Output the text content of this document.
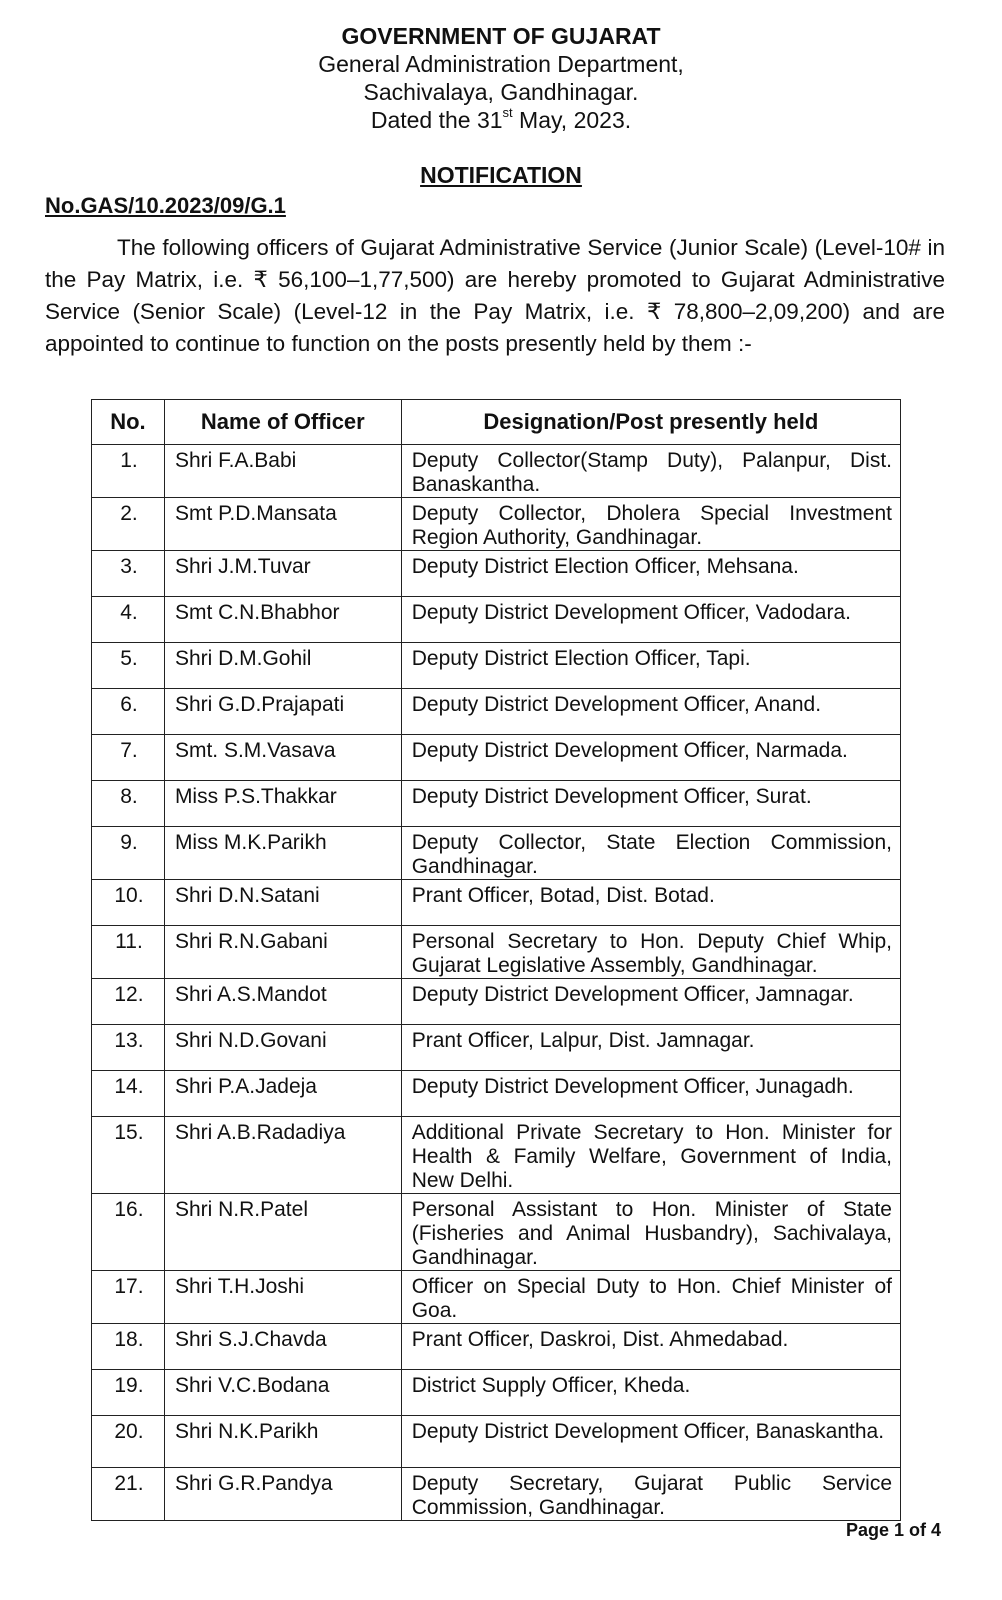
GOVERNMENT OF GUJARAT
General Administration Department,
Sachivalaya, Gandhinagar.
Dated the 31st May, 2023.
NOTIFICATION
No.GAS/10.2023/09/G.1
The following officers of Gujarat Administrative Service (Junior Scale) (Level-10# in the Pay Matrix, i.e. ₹ 56,100–1,77,500) are hereby promoted to Gujarat Administrative Service (Senior Scale) (Level-12 in the Pay Matrix, i.e. ₹ 78,800–2,09,200) and are appointed to continue to function on the posts presently held by them :-
No.	Name of Officer	Designation/Post presently held
1.	Shri F.A.Babi	Deputy Collector(Stamp Duty), Palanpur, Dist. Banaskantha.
2.	Smt P.D.Mansata	Deputy Collector, Dholera Special Investment Region Authority, Gandhinagar.
3.	Shri J.M.Tuvar	Deputy District Election Officer, Mehsana.
4.	Smt C.N.Bhabhor	Deputy District Development Officer, Vadodara.
5.	Shri D.M.Gohil	Deputy District Election Officer, Tapi.
6.	Shri G.D.Prajapati	Deputy District Development Officer, Anand.
7.	Smt. S.M.Vasava	Deputy District Development Officer, Narmada.
8.	Miss P.S.Thakkar	Deputy District Development Officer, Surat.
9.	Miss M.K.Parikh	Deputy Collector, State Election Commission, Gandhinagar.
10.	Shri D.N.Satani	Prant Officer, Botad, Dist. Botad.
11.	Shri R.N.Gabani	Personal Secretary to Hon. Deputy Chief Whip, Gujarat Legislative Assembly, Gandhinagar.
12.	Shri A.S.Mandot	Deputy District Development Officer, Jamnagar.
13.	Shri N.D.Govani	Prant Officer, Lalpur, Dist. Jamnagar.
14.	Shri P.A.Jadeja	Deputy District Development Officer, Junagadh.
15.	Shri A.B.Radadiya	Additional Private Secretary to Hon. Minister for Health & Family Welfare, Government of India, New Delhi.
16.	Shri N.R.Patel	Personal Assistant to Hon. Minister of State (Fisheries and Animal Husbandry), Sachivalaya, Gandhinagar.
17.	Shri T.H.Joshi	Officer on Special Duty to Hon. Chief Minister of Goa.
18.	Shri S.J.Chavda	Prant Officer, Daskroi, Dist. Ahmedabad.
19.	Shri V.C.Bodana	District Supply Officer, Kheda.
20.	Shri N.K.Parikh	Deputy District Development Officer, Banaskantha.
21.	Shri G.R.Pandya	Deputy Secretary, Gujarat Public Service Commission, Gandhinagar.
Page 1 of 4
